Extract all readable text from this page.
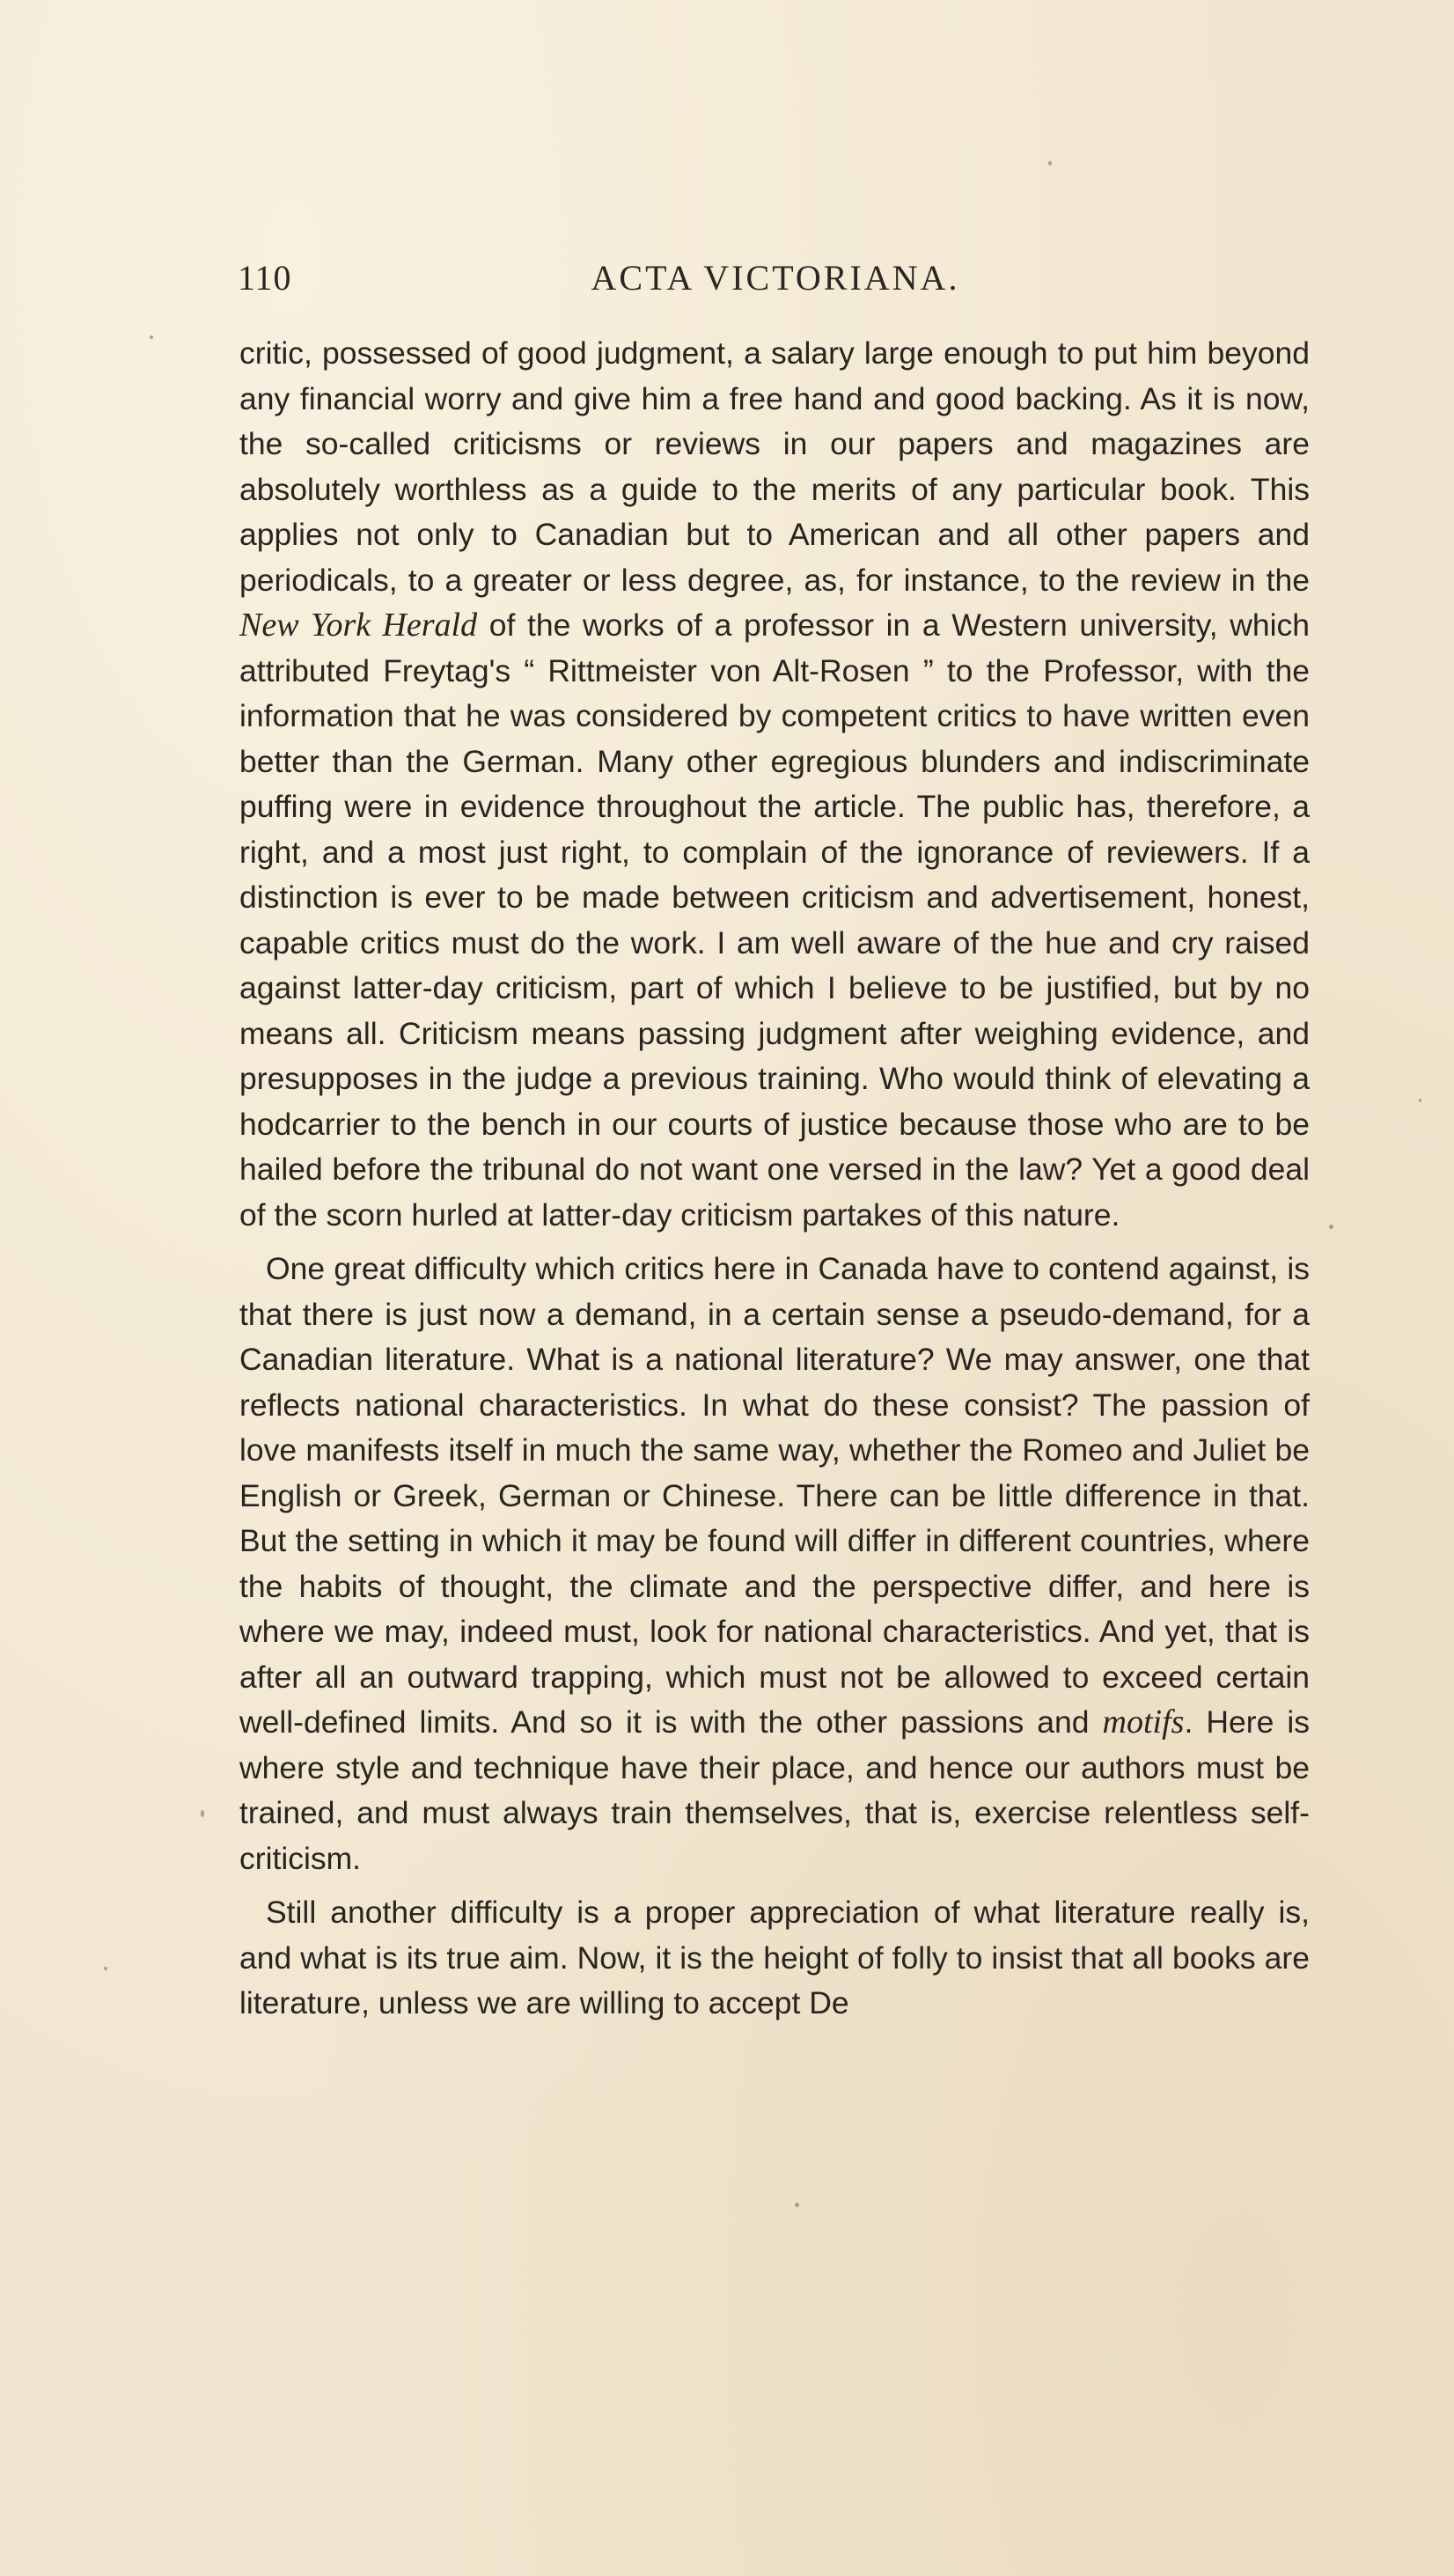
110	ACTA VICTORIANA.

critic, possessed of good judgment, a salary large enough to put him beyond any financial worry and give him a free hand and good backing. As it is now, the so-called criticisms or reviews in our papers and magazines are absolutely worthless as a guide to the merits of any particular book. This applies not only to Canadian but to American and all other papers and periodicals, to a greater or less degree, as, for instance, to the review in the New York Herald of the works of a professor in a Western university, which attributed Freytag's “ Rittmeister von Alt-Rosen ” to the Professor, with the information that he was considered by competent critics to have written even better than the German. Many other egregious blunders and indiscriminate puffing were in evidence throughout the article. The public has, therefore, a right, and a most just right, to complain of the ignorance of reviewers. If a distinction is ever to be made between criticism and advertisement, honest, capable critics must do the work. I am well aware of the hue and cry raised against latter-day criticism, part of which I believe to be justified, but by no means all. Criticism means passing judgment after weighing evidence, and presupposes in the judge a previous training. Who would think of elevating a hodcarrier to the bench in our courts of justice because those who are to be hailed before the tribunal do not want one versed in the law? Yet a good deal of the scorn hurled at latter-day criticism partakes of this nature.

One great difficulty which critics here in Canada have to contend against, is that there is just now a demand, in a certain sense a pseudo-demand, for a Canadian literature. What is a national literature? We may answer, one that reflects national characteristics. In what do these consist? The passion of love manifests itself in much the same way, whether the Romeo and Juliet be English or Greek, German or Chinese. There can be little difference in that. But the setting in which it may be found will differ in different countries, where the habits of thought, the climate and the perspective differ, and here is where we may, indeed must, look for national characteristics. And yet, that is after all an outward trapping, which must not be allowed to exceed certain well-defined limits. And so it is with the other passions and motifs. Here is where style and technique have their place, and hence our authors must be trained, and must always train themselves, that is, exercise relentless self-criticism.

Still another difficulty is a proper appreciation of what literature really is, and what is its true aim. Now, it is the height of folly to insist that all books are literature, unless we are willing to accept De
